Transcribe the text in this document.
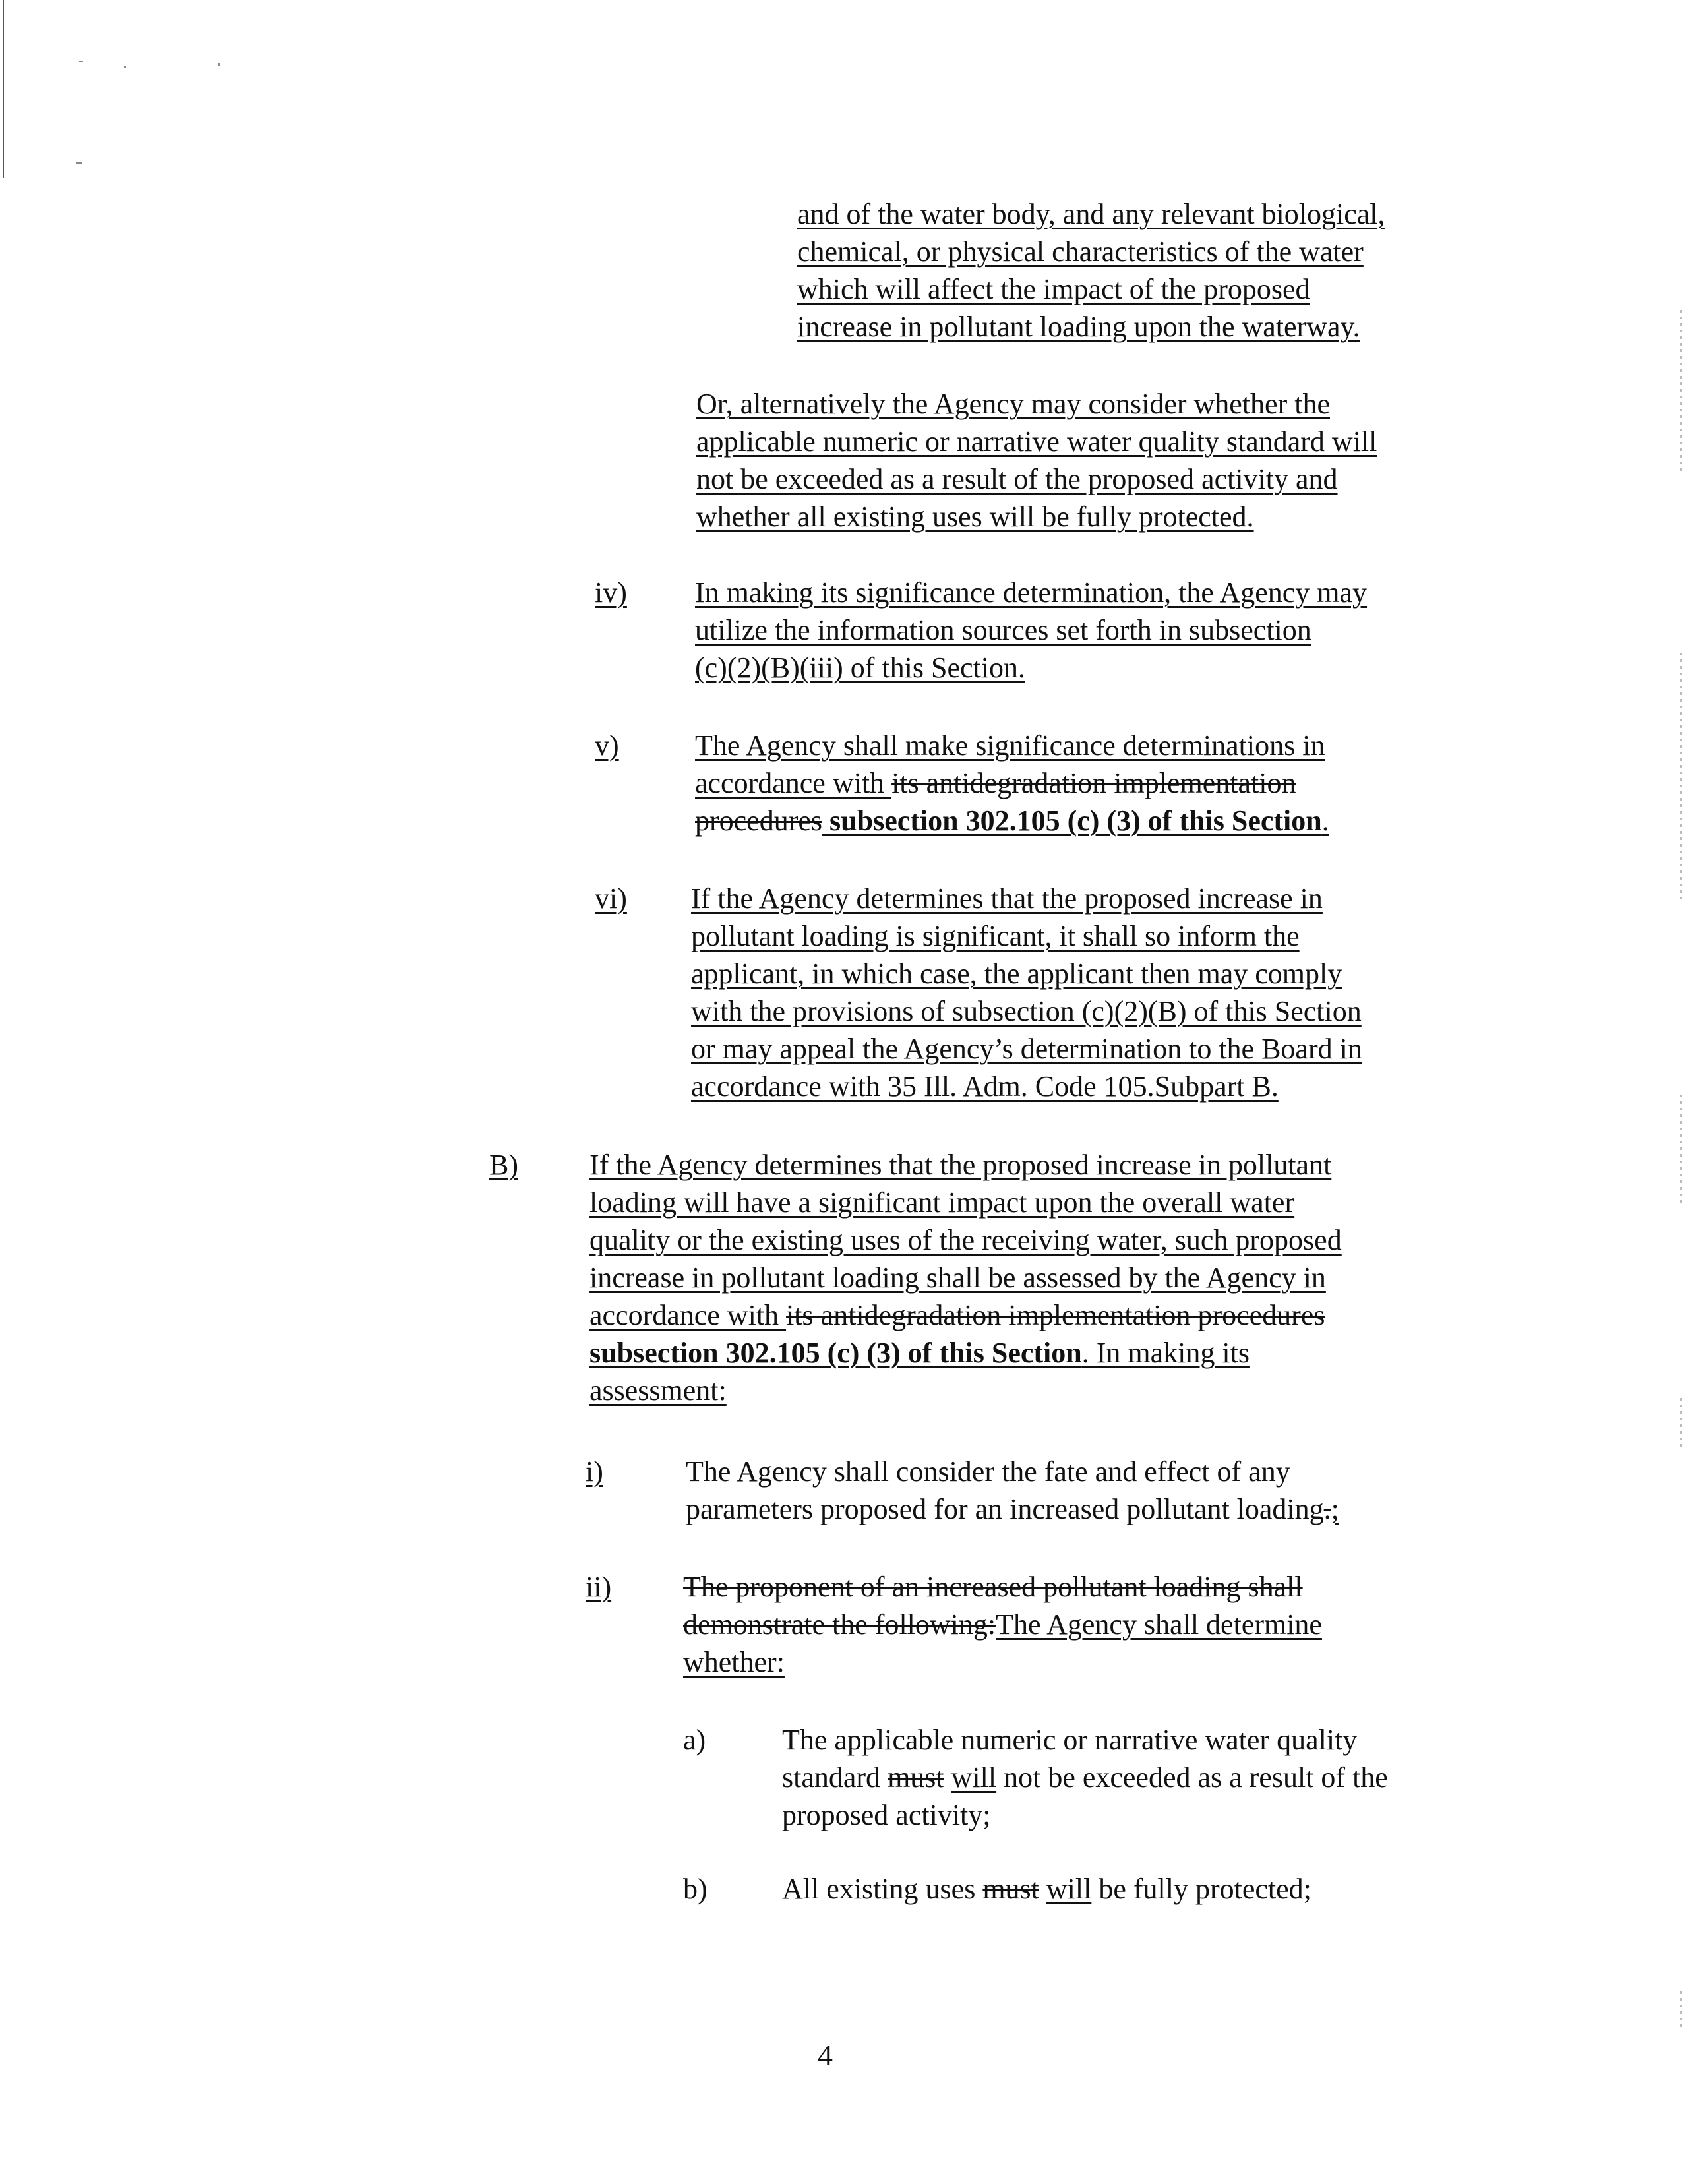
and of the water body, and any relevant biological,
chemical, or physical characteristics of the water
which will affect the impact of the proposed
increase in pollutant loading upon the waterway.
Or, alternatively the Agency may consider whether the
applicable numeric or narrative water quality standard will
not be exceeded as a result of the proposed activity and
whether all existing uses will be fully protected.
iv)	In making its significance determination, the Agency may
utilize the information sources set forth in subsection
(c)(2)(B)(iii) of this Section.
v)	The Agency shall make significance determinations in
accordance with its antidegradation implementation
procedures subsection 302.105 (c) (3) of this Section.
vi)	If the Agency determines that the proposed increase in
pollutant loading is significant, it shall so inform the
applicant, in which case, the applicant then may comply
with the provisions of subsection (c)(2)(B) of this Section
or may appeal the Agency’s determination to the Board in
accordance with 35 Ill. Adm. Code 105.Subpart B.
B)	If the Agency determines that the proposed increase in pollutant
loading will have a significant impact upon the overall water
quality or the existing uses of the receiving water, such proposed
increase in pollutant loading shall be assessed by the Agency in
accordance with its antidegradation implementation procedures
subsection 302.105 (c) (3) of this Section. In making its
assessment:
i)	The Agency shall consider the fate and effect of any
parameters proposed for an increased pollutant loading.;
ii)	The proponent of an increased pollutant loading shall
demonstrate the following:The Agency shall determine
whether:
a)	The applicable numeric or narrative water quality
standard must will not be exceeded as a result of the
proposed activity;
b)	All existing uses must will be fully protected;
4
